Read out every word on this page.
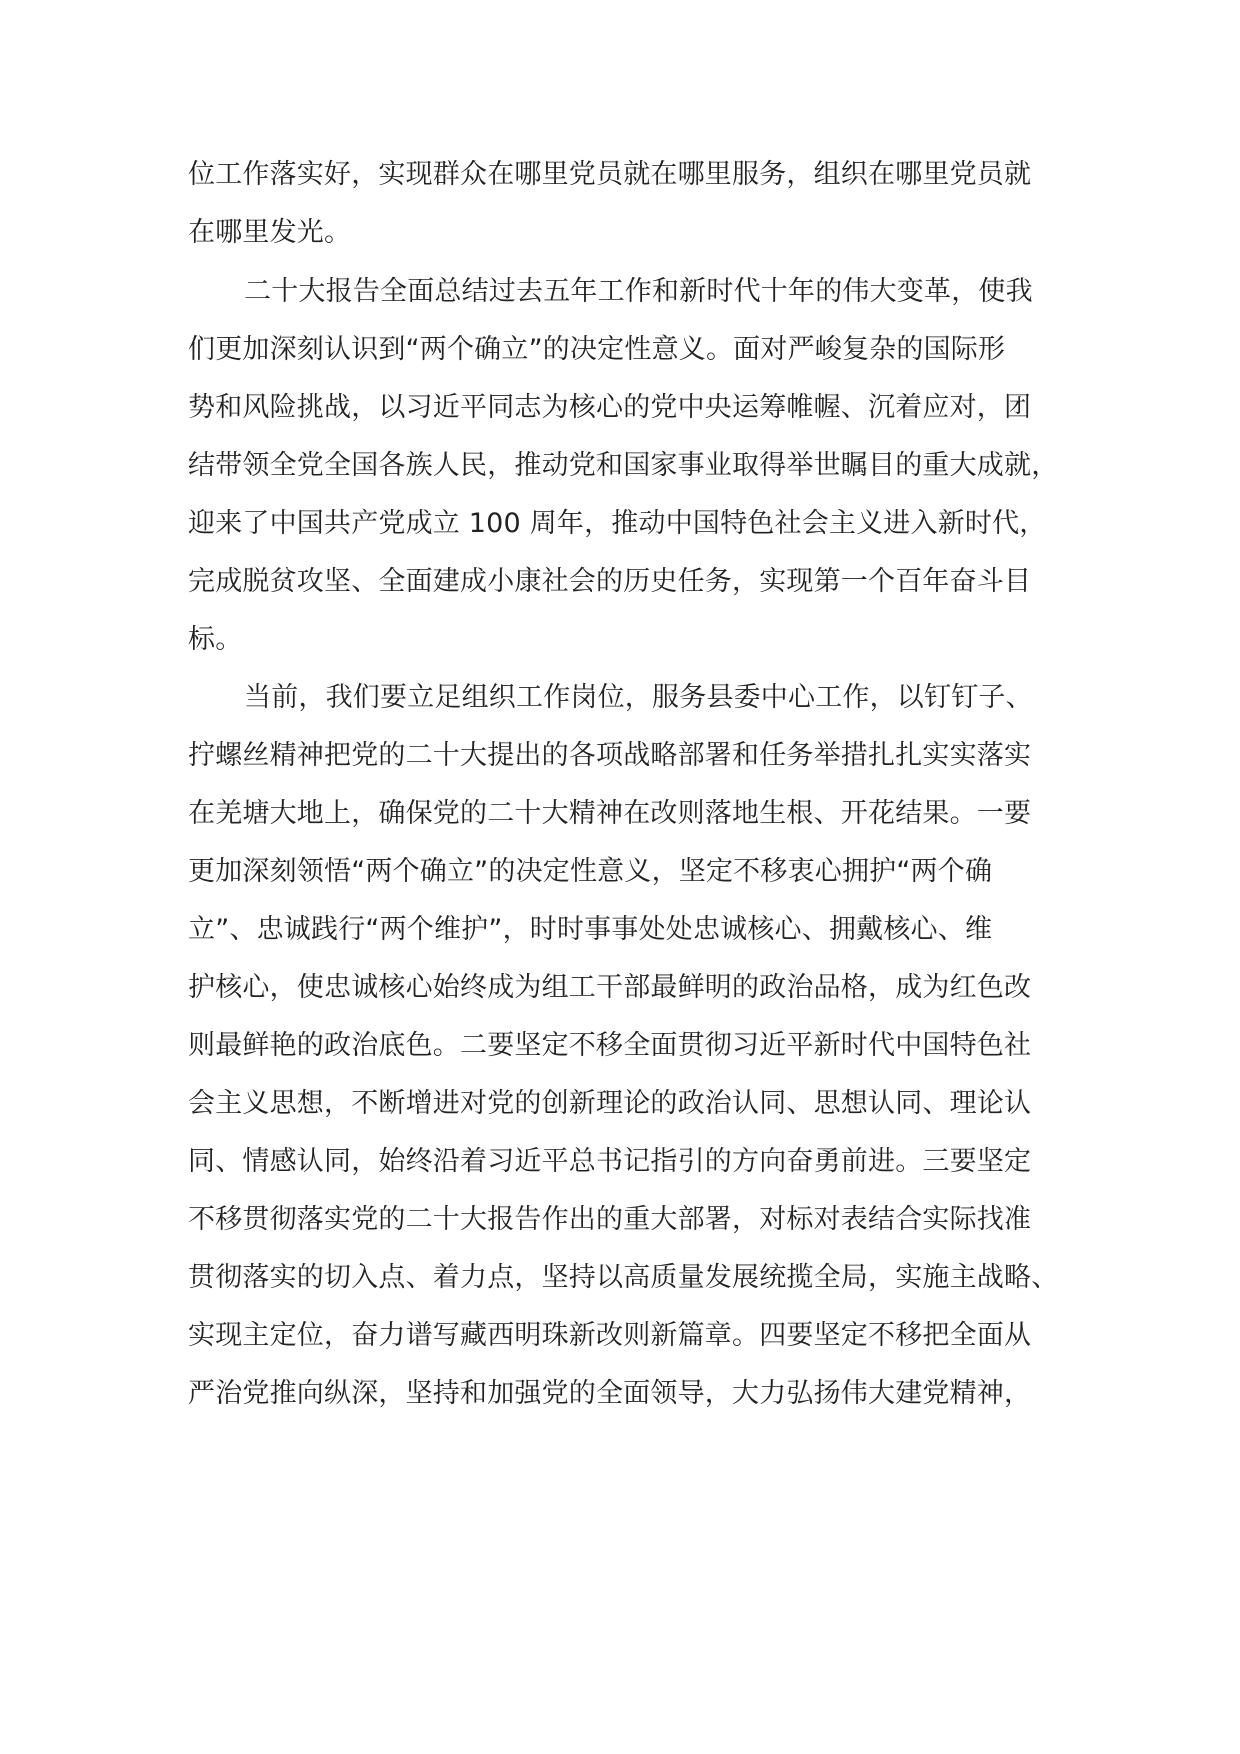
位工作落实好，实现群众在哪里党员就在哪里服务，组织在哪里党员就
在哪里发光。
二十大报告全面总结过去五年工作和新时代十年的伟大变革，使我
们更加深刻认识到“两个确立”的决定性意义。面对严峻复杂的国际形
势和风险挑战，以习近平同志为核心的党中央运筹帷幄、沉着应对，团
结带领全党全国各族人民，推动党和国家事业取得举世瞩目的重大成就，
迎来了中国共产党成立 100 周年，推动中国特色社会主义进入新时代，
完成脱贫攻坚、全面建成小康社会的历史任务，实现第一个百年奋斗目
标。
当前，我们要立足组织工作岗位，服务县委中心工作，以钉钉子、
拧螺丝精神把党的二十大提出的各项战略部署和任务举措扎扎实实落实
在羌塘大地上，确保党的二十大精神在改则落地生根、开花结果。一要
更加深刻领悟“两个确立”的决定性意义，坚定不移衷心拥护“两个确
立”、忠诚践行“两个维护”，时时事事处处忠诚核心、拥戴核心、维
护核心，使忠诚核心始终成为组工干部最鲜明的政治品格，成为红色改
则最鲜艳的政治底色。二要坚定不移全面贯彻习近平新时代中国特色社
会主义思想，不断增进对党的创新理论的政治认同、思想认同、理论认
同、情感认同，始终沿着习近平总书记指引的方向奋勇前进。三要坚定
不移贯彻落实党的二十大报告作出的重大部署，对标对表结合实际找准
贯彻落实的切入点、着力点，坚持以高质量发展统揽全局，实施主战略、
实现主定位，奋力谱写藏西明珠新改则新篇章。四要坚定不移把全面从
严治党推向纵深，坚持和加强党的全面领导，大力弘扬伟大建党精神，
